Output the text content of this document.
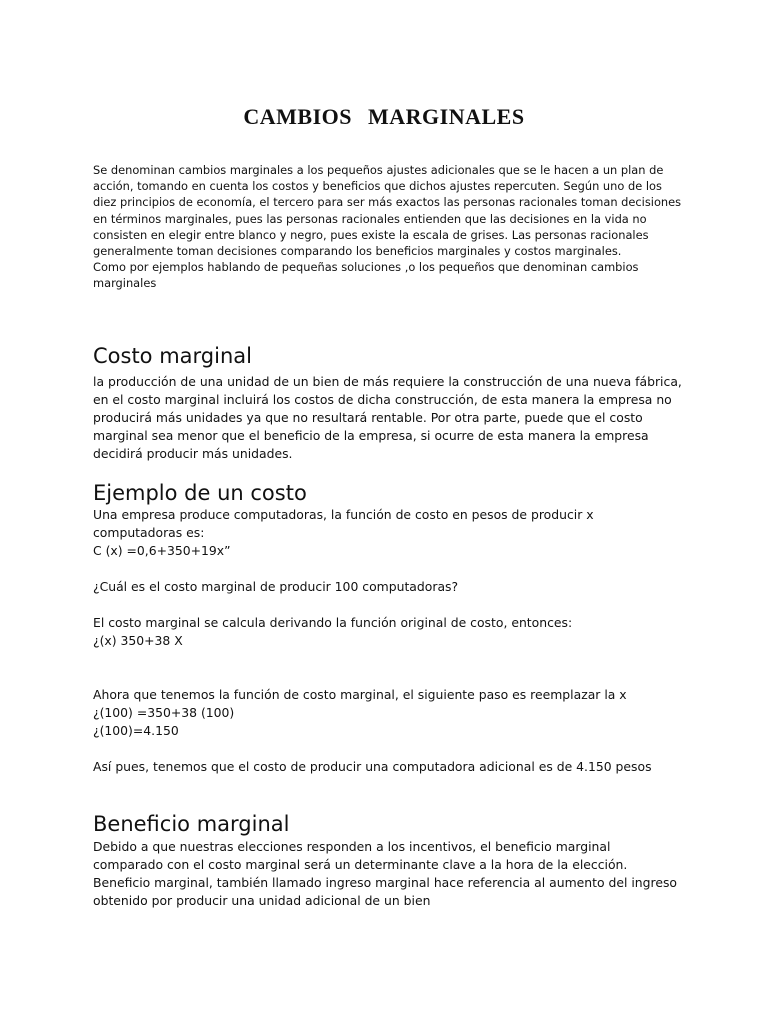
CAMBIOS MARGINALES

Se denominan cambios marginales a los pequeños ajustes adicionales que se le hacen a un plan de acción, tomando en cuenta los costos y beneficios que dichos ajustes repercuten. Según uno de los diez principios de economía, el tercero para ser más exactos las personas racionales toman decisiones en términos marginales, pues las personas racionales entienden que las decisiones en la vida no consisten en elegir entre blanco y negro, pues existe la escala de grises. Las personas racionales generalmente toman decisiones comparando los beneficios marginales y costos marginales.

Como por ejemplos hablando de pequeñas soluciones ,o los pequeños que denominan cambios marginales

Costo marginal

la producción de una unidad de un bien de más requiere la construcción de una nueva fábrica, en el costo marginal incluirá los costos de dicha construcción, de esta manera la empresa no producirá más unidades ya que no resultará rentable. Por otra parte, puede que el costo marginal sea menor que el beneficio de la empresa, si ocurre de esta manera la empresa decidirá producir más unidades.

Ejemplo de un costo

Una empresa produce computadoras, la función de costo en pesos de producir x computadoras es:

C (x) =0,6+350+19x”

¿Cuál es el costo marginal de producir 100 computadoras?

El costo marginal se calcula derivando la función original de costo, entonces:

¿(x) 350+38 X

Ahora que tenemos la función de costo marginal, el siguiente paso es reemplazar la x

¿(100) =350+38 (100)

¿(100)=4.150

Así pues, tenemos que el costo de producir una computadora adicional es de 4.150 pesos

Beneficio marginal

Debido a que nuestras elecciones responden a los incentivos, el beneficio marginal comparado con el costo marginal será un determinante clave a la hora de la elección.

Beneficio marginal, también llamado ingreso marginal hace referencia al aumento del ingreso obtenido por producir una unidad adicional de un bien
